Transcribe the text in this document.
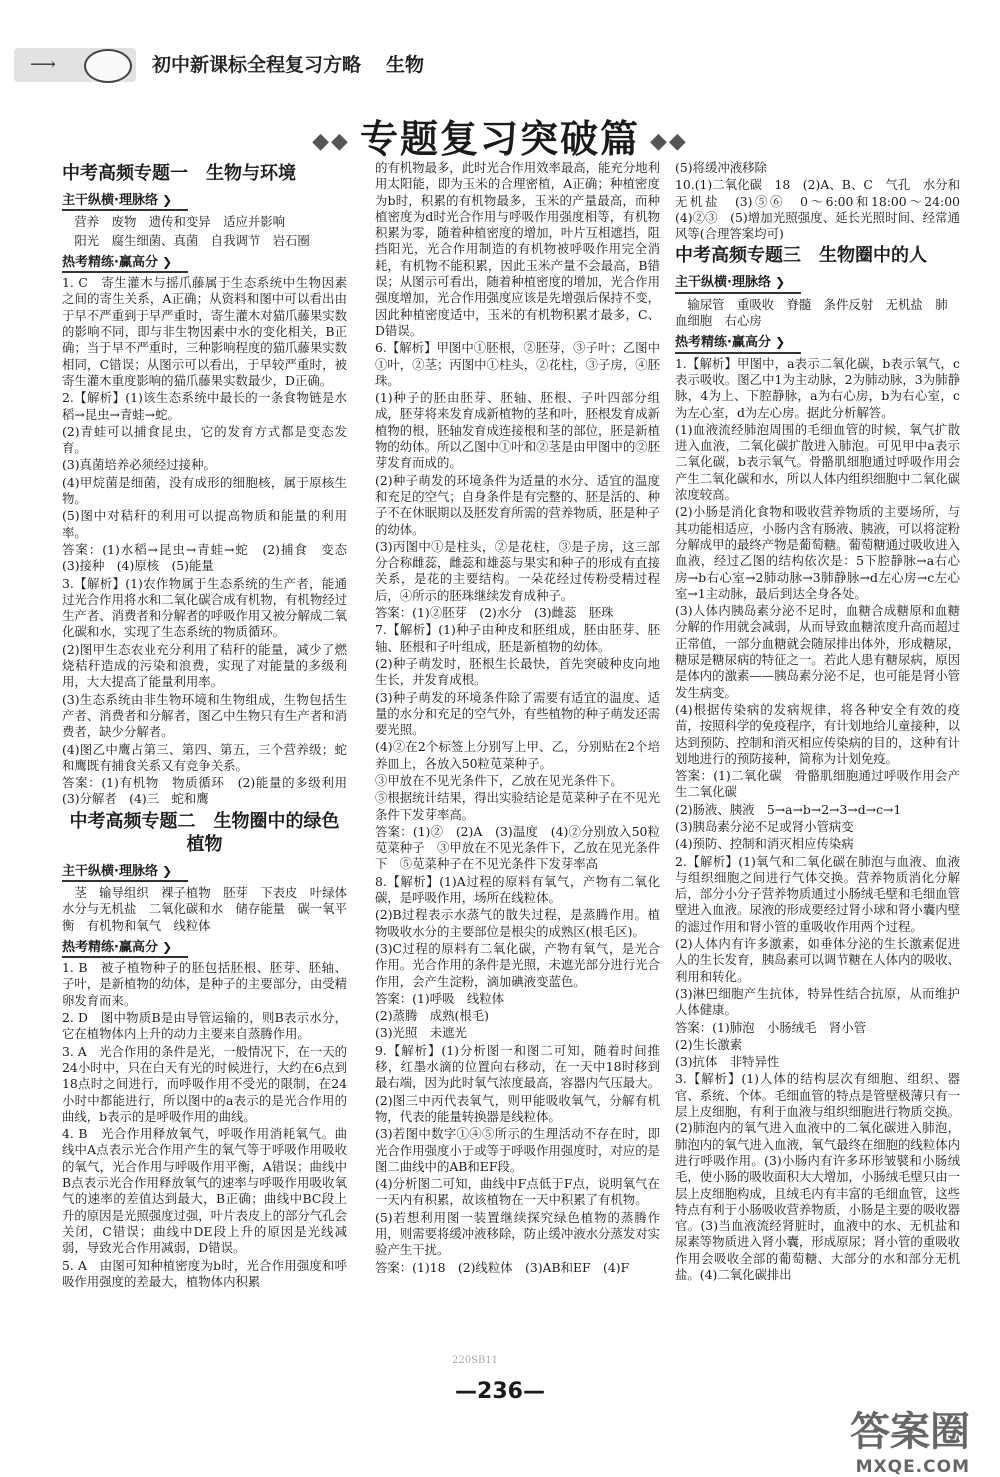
⟶	初中新课标全程复习方略 生物
◆◆ 专题复习突破篇 ◆◆
中考高频专题一　生物与环境
主干纵横·理脉络 ❯
营养　废物　遗传和变异　适应并影响
阳光　腐生细菌、真菌　自我调节　岩石圈
热考精练·赢高分 ❯
1. C　寄生灌木与摇爪藤属于生态系统中生物因素之间的寄生关系，A正确；从资料和图中可以看出由于早不严重到于早严重时，寄生灌木对猫爪藤果实数的影响不同，即与非生物因素中水的变化相关，B正确；当于早不严重时，三种影响程度的猫爪藤果实数相同，C错误；从图示可以看出，于早较严重时，被寄生灌木重度影响的猫爪藤果实数最少，D正确。
2.【解析】(1)该生态系统中最长的一条食物链是水稻→昆虫→青蛙→蛇。
(2)青蛙可以捕食昆虫，它的发育方式都是变态发育。
(3)真菌培养必须经过接种。
(4)甲烷菌是细菌，没有成形的细胞核，属于原核生物。
(5)图中对秸秆的利用可以提高物质和能量的利用率。
答案：(1)水稻→昆虫→青蛙→蛇　(2)捕食　变态　(3)接种　(4)原核　(5)能量
3.【解析】(1)农作物属于生态系统的生产者，能通过光合作用将水和二氧化碳合成有机物，有机物经过生产者、消费者和分解者的呼吸作用又被分解成二氧化碳和水，实现了生态系统的物质循环。
(2)图甲生态农业充分利用了秸秆的能量，减少了燃烧秸秆造成的污染和浪费，实现了对能量的多级利用，大大提高了能量利用率。
(3)生态系统由非生物环境和生物组成，生物包括生产者、消费者和分解者，图乙中生物只有生产者和消费者，缺少分解者。
(4)图乙中鹰占第三、第四、第五，三个营养级；蛇和鹰既有捕食关系又有竞争关系。
答案：(1)有机物　物质循环　(2)能量的多级利用　(3)分解者　(4)三　蛇和鹰
中考高频专题二　生物圈中的绿色植物
主干纵横·理脉络 ❯
茎　输导组织　裸子植物　胚芽　下表皮　叶绿体　水分与无机盐　二氧化碳和水　储存能量　碳一氧平衡　有机物和氧气　线粒体
热考精练·赢高分 ❯
1. B　被子植物种子的胚包括胚根、胚芽、胚轴、子叶，是新植物的幼体，是种子的主要部分，由受精卵发育而来。
2. D　图中物质B是由导管运输的，则B表示水分，它在植物体内上升的动力主要来自蒸腾作用。
3. A　光合作用的条件是光，一般情况下，在一天的24小时中，只在白天有光的时候进行，大约在6点到18点时之间进行，而呼吸作用不受光的限制，在24小时中都能进行，所以图中的a表示的是光合作用的曲线，b表示的是呼吸作用的曲线。
4. B　光合作用释放氧气，呼吸作用消耗氧气。曲线中A点表示光合作用产生的氧气等于呼吸作用吸收的氧气，光合作用与呼吸作用平衡，A错误；曲线中B点表示光合作用释放氧气的速率与呼吸作用吸收氧气的速率的差值达到最大，B正确；曲线中BC段上升的原因是光照强度过强，叶片表皮上的部分气孔会关闭，C错误；曲线中DE段上升的原因是光线减弱，导致光合作用减弱，D错误。
5. A　由图可知种植密度为b时，光合作用强度和呼吸作用强度的差最大，植物体内积累
的有机物最多，此时光合作用效率最高，能充分地利用太阳能，即为玉米的合理密植，A正确；种植密度为b时，积累的有机物最多，玉米的产量最高，而种植密度为d时光合作用与呼吸作用强度相等，有机物积累为零，随着种植密度的增加，叶片互相遮挡，阻挡阳光，光合作用制造的有机物被呼吸作用完全消耗，有机物不能积累，因此玉米产量不会最高，B错误；从图示可看出，随着种植密度的增加，光合作用强度增加，光合作用强度应该是先增强后保持不变，因此种植密度适中，玉米的有机物积累才最多，C、D错误。
6.【解析】甲图中①胚根，②胚芽，③子叶；乙图中①叶，②茎；丙图中①柱头，②花柱，③子房，④胚珠。
(1)种子的胚由胚芽、胚轴、胚根、子叶四部分组成，胚芽将来发育成新植物的茎和叶，胚根发育成新植物的根，胚轴发育成连接根和茎的部位，胚是新植物的幼体。所以乙图中①叶和②茎是由甲图中的②胚芽发育而成的。
(2)种子萌发的环境条件为适量的水分、适宜的温度和充足的空气；自身条件是有完整的、胚是活的、种子不在休眠期以及胚发育所需的营养物质，胚是种子的幼体。
(3)丙图中①是柱头，②是花柱，③是子房，这三部分合称雌蕊，雌蕊和雄蕊与果实和种子的形成有直接关系，是花的主要结构。一朵花经过传粉受精过程后，④所示的胚珠继续发育成种子。
答案：(1)②胚芽　(2)水分　(3)雌蕊　胚珠
7.【解析】(1)种子由种皮和胚组成，胚由胚芽、胚轴、胚根和子叶组成，胚是新植物的幼体。
(2)种子萌发时，胚根生长最快，首先突破种皮向地生长，并发育成根。
(3)种子萌发的环境条件除了需要有适宜的温度、适量的水分和充足的空气外，有些植物的种子萌发还需要光照。
(4)②在2个标签上分别写上甲、乙，分别贴在2个培养皿上，各放入50粒苋菜种子。
③甲放在不见光条件下，乙放在见光条件下。
⑤根据统计结果，得出实验结论是苋菜种子在不见光条件下发芽率高。
答案：(1)②　(2)A　(3)温度　(4)②分别放入50粒苋菜种子　③甲放在不见光条件下，乙放在见光条件下　⑤苋菜种子在不见光条件下发芽率高
8.【解析】(1)A过程的原料有氧气，产物有二氧化碳，是呼吸作用，场所在线粒体。
(2)B过程表示水蒸气的散失过程，是蒸腾作用。植物吸收水分的主要部位是根尖的成熟区(根毛区)。
(3)C过程的原料有二氧化碳，产物有氧气，是光合作用。光合作用的条件是光照，未遮光部分进行光合作用，会产生淀粉，滴加碘液变蓝色。
答案：(1)呼吸　线粒体
(2)蒸腾　成熟(根毛)
(3)光照　未遮光
9.【解析】(1)分析图一和图二可知，随着时间推移，红墨水滴的位置向右移动，在一天中18时移到最右端，因为此时氧气浓度最高，容器内气压最大。
(2)图三中丙代表氧气，则甲能吸收氧气，分解有机物，代表的能量转换器是线粒体。
(3)若图中数字①④⑤所示的生理活动不存在时，即光合作用强度小于或等于呼吸作用强度时，对应的是图二曲线中的AB和EF段。
(4)分析图二可知，曲线中F点低于F点，说明氧气在一天内有积累，故该植物在一天中积累了有机物。
(5)若想利用图一装置继续探究绿色植物的蒸腾作用，则需要将缓冲液移除，防止缓冲液水分蒸发对实验产生干扰。
答案：(1)18　(2)线粒体　(3)AB和EF　(4)F
(5)将缓冲液移除
10.(1)二氧化碳　18　(2)A、B、C　气孔　水分和无机盐　(3)⑤⑥　0～6:00和18:00～24:00　(4)②③　(5)增加光照强度、延长光照时间、经常通风等(合理答案均可)
中考高频专题三　生物圈中的人
主干纵横·理脉络 ❯
输尿管　重吸收　脊髓　条件反射　无机盐　肺　血细胞　右心房
热考精练·赢高分 ❯
1.【解析】甲图中，a表示二氧化碳，b表示氧气，c表示吸收。图乙中1为主动脉，2为肺动脉，3为肺静脉，4为上、下腔静脉，a为右心房，b为右心室，c为左心室，d为左心房。据此分析解答。
(1)血液流经肺泡周围的毛细血管的时候，氧气扩散进入血液，二氧化碳扩散进入肺泡。可见甲中a表示二氧化碳，b表示氧气。骨骼肌细胞通过呼吸作用会产生二氧化碳和水，所以人体内组织细胞中二氧化碳浓度较高。
(2)小肠是消化食物和吸收营养物质的主要场所，与其功能相适应，小肠内含有肠液、胰液，可以将淀粉分解成甲的最终产物是葡萄糖。葡萄糖通过吸收进入血液，经过乙图的结构依次是：5下腔静脉→a右心房→b右心室→2肺动脉→3肺静脉→d左心房→c左心室→1主动脉，最后到达全身各处。
(3)人体内胰岛素分泌不足时，血糖合成糖原和血糖分解的作用就会减弱，从而导致血糖浓度升高而超过正常值，一部分血糖就会随尿排出体外，形成糖尿，糖尿是糖尿病的特征之一。若此人患有糖尿病，原因是体内的激素——胰岛素分泌不足，也可能是肾小管发生病变。
(4)根据传染病的发病规律，将各种安全有效的疫苗，按照科学的免疫程序，有计划地给儿童接种，以达到预防、控制和消灭相应传染病的目的，这种有计划地进行的预防接种，简称为计划免疫。
答案：(1)二氧化碳　骨骼肌细胞通过呼吸作用会产生二氧化碳
(2)肠液、胰液　5→a→b→2→3→d→c→1
(3)胰岛素分泌不足或肾小管病变
(4)预防、控制和消灭相应传染病
2.【解析】(1)氧气和二氧化碳在肺泡与血液、血液与组织细胞之间进行气体交换。营养物质消化分解后，部分小分子营养物质通过小肠绒毛壁和毛细血管壁进入血液。尿液的形成要经过肾小球和肾小囊内壁的滤过作用和肾小管的重吸收作用两个过程。
(2)人体内有许多激素，如垂体分泌的生长激素促进人的生长发育，胰岛素可以调节糖在人体内的吸收、利用和转化。
(3)淋巴细胞产生抗体，特异性结合抗原，从而维护人体健康。
答案：(1)肺泡　小肠绒毛　肾小管
(2)生长激素
(3)抗体　非特异性
3.【解析】(1)人体的结构层次有细胞、组织、器官、系统、个体。毛细血管的特点是管壁极薄只有一层上皮细胞，有利于血液与组织细胞进行物质交换。(2)肺泡内的氧气进入血液中的二氧化碳进入肺泡，肺泡内的氧气进入血液，氧气最终在细胞的线粒体内进行呼吸作用。(3)小肠内有许多环形皱襞和小肠绒毛，使小肠的吸收面积大大增加，小肠绒毛壁只由一层上皮细胞构成，且绒毛内有丰富的毛细血管，这些特点有利于小肠吸收营养物质，小肠是主要的吸收器官。(3)当血液流经肾脏时，血液中的水、无机盐和尿素等物质进入肾小囊，形成原尿；肾小管的重吸收作用会吸收全部的葡萄糖、大部分的水和部分无机盐。(4)二氧化碳排出
220SB11
—236—
答案圈
MXQE.COM
